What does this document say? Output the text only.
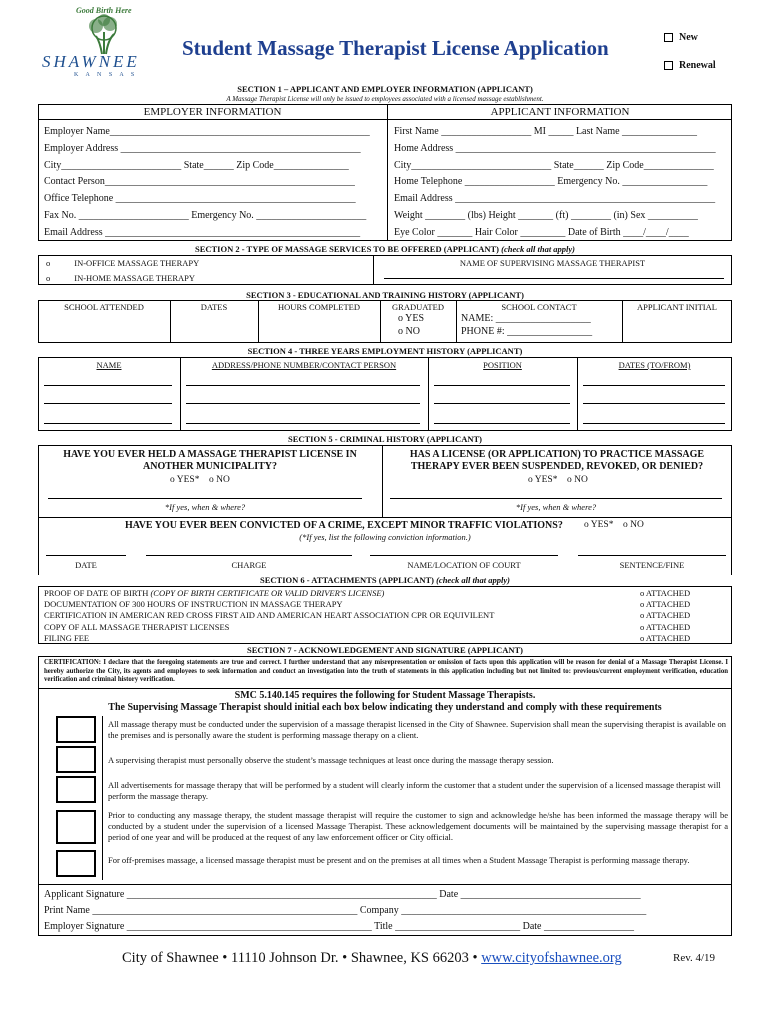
Good Birth Here
SHAWNEE
K A N S A S
Student Massage Therapist License Application	New
Renewal
SECTION 1 – APPLICANT AND EMPLOYER INFORMATION (APPLICANT)
A Massage Therapist License will only be issued to employees associated with a licensed massage establishment.
EMPLOYER INFORMATION	APPLICANT INFORMATION
Employer Name____________________________________________________
Employer Address ________________________________________________
City________________________ State______ Zip Code_______________
Contact Person__________________________________________________
Office Telephone ________________________________________________
Fax No. ______________________ Emergency No. ______________________
Email Address ___________________________________________________
First Name __________________ MI _____ Last Name _______________
Home Address ____________________________________________________
City____________________________ State______ Zip Code______________
Home Telephone __________________ Emergency No. _________________
Email Address ____________________________________________________
Weight ________ (lbs) Height _______ (ft) ________ (in) Sex __________
Eye Color _______ Hair Color _________ Date of Birth ____/____/____
SECTION 2 - TYPE OF MASSAGE SERVICES TO BE OFFERED (APPLICANT) (check all that apply)
o	IN-OFFICE MASSAGE THERAPY
o	IN-HOME MASSAGE THERAPY
NAME OF SUPERVISING MASSAGE THERAPIST
SECTION 3 - EDUCATIONAL AND TRAINING HISTORY (APPLICANT)
SCHOOL ATTENDED	DATES	HOURS COMPLETED	GRADUATED	SCHOOL CONTACT	APPLICANT INITIAL
o YES
o NO
NAME: ___________________
PHONE #: _________________
SECTION 4 - THREE YEARS EMPLOYMENT HISTORY (APPLICANT)
NAME	ADDRESS/PHONE NUMBER/CONTACT PERSON	POSITION	DATES (TO/FROM)
SECTION 5 - CRIMINAL HISTORY (APPLICANT)
HAVE YOU EVER HELD A MASSAGE THERAPIST LICENSE IN ANOTHER MUNICIPALITY?
HAS A LICENSE (OR APPLICATION) TO PRACTICE MASSAGE THERAPY EVER BEEN SUSPENDED, REVOKED, OR DENIED?
o YES* o NO	o YES* o NO
*If yes, when & where?	*If yes, when & where?
HAVE YOU EVER BEEN CONVICTED OF A CRIME, EXCEPT MINOR TRAFFIC VIOLATIONS? o YES* o NO
(*If yes, list the following conviction information.)
DATE	CHARGE	NAME/LOCATION OF COURT	SENTENCE/FINE
SECTION 6 - ATTACHMENTS (APPLICANT) (check all that apply)
PROOF OF DATE OF BIRTH (COPY OF BIRTH CERTIFICATE OR VALID DRIVER'S LICENSE)
DOCUMENTATION OF 300 HOURS OF INSTRUCTION IN MASSAGE THERAPY
CERTIFICATION IN AMERICAN RED CROSS FIRST AID AND AMERICAN HEART ASSOCIATION CPR OR EQUIVILENT
COPY OF ALL MASSAGE THERAPIST LICENSES
FILING FEE
o ATTACHED
o ATTACHED
o ATTACHED
o ATTACHED
o ATTACHED
SECTION 7 - ACKNOWLEDGEMENT AND SIGNATURE (APPLICANT)
CERTIFICATION: I declare that the foregoing statements are true and correct. I further understand that any misrepresentation or omission of facts upon this application will be reason for denial of a Massage Therapist License. I hereby authorize the City, its agents and employees to seek information and conduct an investigation into the truth of statements in this application including but not limited to: previous/current employment verification, education verification and criminal history verification.
SMC 5.140.145 requires the following for Student Massage Therapists.
The Supervising Massage Therapist should initial each box below indicating they understand and comply with these requirements
All massage therapy must be conducted under the supervision of a massage therapist licensed in the City of Shawnee. Supervision shall mean the supervising therapist is available on the premises and is personally aware the student is performing massage therapy on a client.
A supervising therapist must personally observe the student’s massage techniques at least once during the massage therapy session.
All advertisements for massage therapy that will be performed by a student will clearly inform the customer that a student under the supervision of a licensed massage therapist will perform the massage therapy.
Prior to conducting any massage therapy, the student massage therapist will require the customer to sign and acknowledge he/she has been informed the massage therapy will be conducted by a student under the supervision of a licensed Massage Therapist. These acknowledgement documents will be maintained by the supervising massage therapist for a period of one year and will be produced at the request of any law enforcement officer or City official.
For off-premises massage, a licensed massage therapist must be present and on the premises at all times when a Student Massage Therapist is performing massage therapy.
Applicant Signature ______________________________________________________________ Date ____________________________________
Print Name _____________________________________________________ Company _________________________________________________
Employer Signature _________________________________________________ Title _________________________ Date __________________
City of Shawnee • 11110 Johnson Dr. • Shawnee, KS 66203 • www.cityofshawnee.org	Rev. 4/19
